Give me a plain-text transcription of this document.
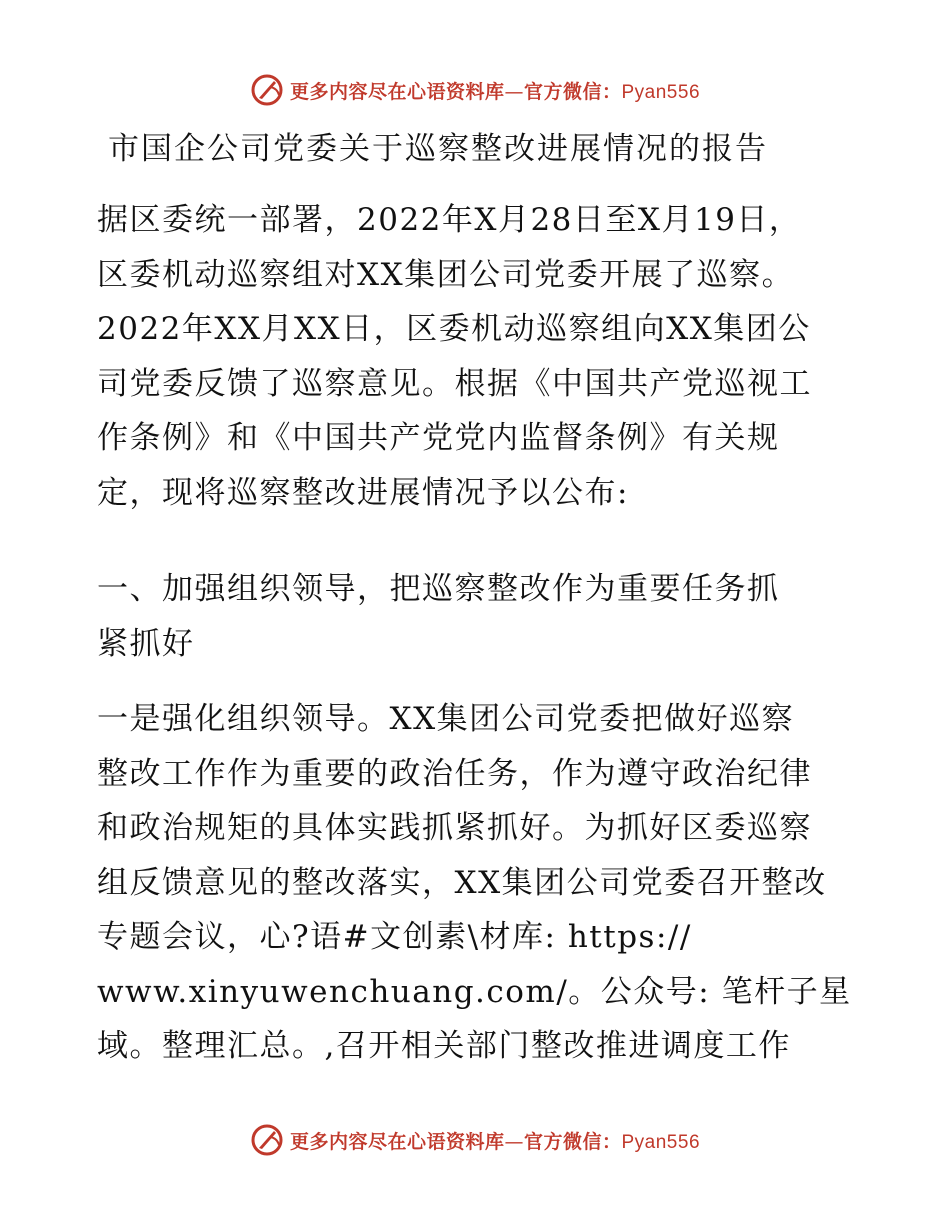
更多内容尽在心语资料库—官方微信：Pyan556
市国企公司党委关于巡察整改进展情况的报告
据区委统一部署，2022年X月28日至X月19日，
区委机动巡察组对XX集团公司党委开展了巡察。
2022年XX月XX日，区委机动巡察组向XX集团公
司党委反馈了巡察意见。根据《中国共产党巡视工
作条例》和《中国共产党党内监督条例》有关规
定，现将巡察整改进展情况予以公布:
一、加强组织领导，把巡察整改作为重要任务抓
紧抓好
一是强化组织领导。XX集团公司党委把做好巡察
整改工作作为重要的政治任务，作为遵守政治纪律
和政治规矩的具体实践抓紧抓好。为抓好区委巡察
组反馈意见的整改落实，XX集团公司党委召开整改
专题会议，心?语#文创素\材库: https://
www.xinyuwenchuang.com/。公众号: 笔杆子星
域。整理汇总。,召开相关部门整改推进调度工作
更多内容尽在心语资料库—官方微信：Pyan556
